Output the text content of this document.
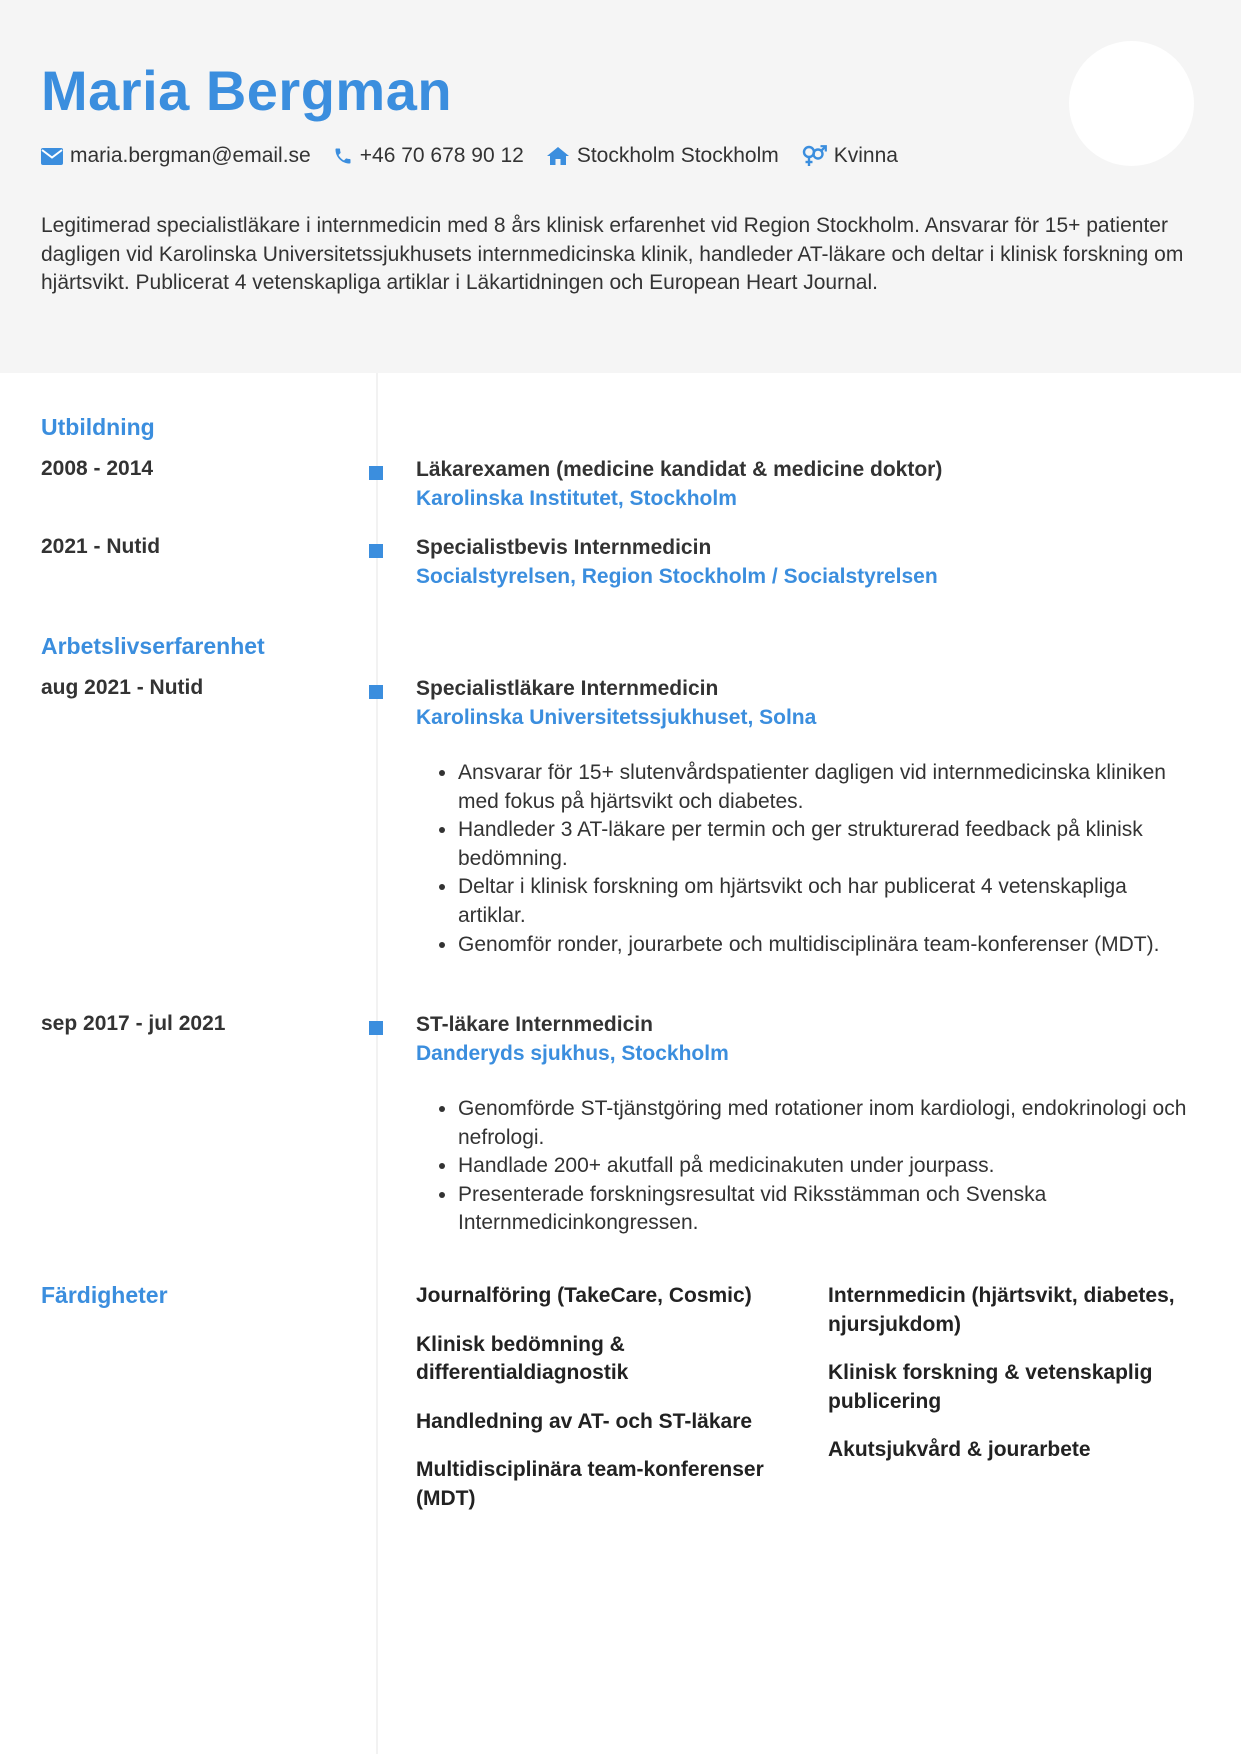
Maria Bergman
maria.bergman@email.se +46 70 678 90 12	Stockholm Stockholm	Kvinna

Legitimerad specialistläkare i internmedicin med 8 års klinisk erfarenhet vid Region Stockholm. Ansvarar för 15+ patienter dagligen vid Karolinska Universitetssjukhusets internmedicinska klinik, handleder AT-läkare och deltar i klinisk forskning om hjärtsvikt. Publicerat 4 vetenskapliga artiklar i Läkartidningen och European Heart Journal.

Utbildning
2008 - 2014	Läkarexamen (medicine kandidat & medicine doktor)
Karolinska Institutet, Stockholm
2021 - Nutid	Specialistbevis Internmedicin
Socialstyrelsen, Region Stockholm / Socialstyrelsen
Arbetslivserfarenhet
aug 2021 - Nutid	Specialistläkare Internmedicin
Karolinska Universitetssjukhuset, Solna
• Ansvarar för 15+ slutenvårdspatienter dagligen vid internmedicinska kliniken med fokus på hjärtsvikt och diabetes.
• Handleder 3 AT-läkare per termin och ger strukturerad feedback på klinisk bedömning.
• Deltar i klinisk forskning om hjärtsvikt och har publicerat 4 vetenskapliga artiklar.
• Genomför ronder, jourarbete och multidisciplinära team-konferenser (MDT).
sep 2017 - jul 2021	ST-läkare Internmedicin
Danderyds sjukhus, Stockholm
• Genomförde ST-tjänstgöring med rotationer inom kardiologi, endokrinologi och nefrologi.
• Handlade 200+ akutfall på medicinakuten under jourpass.
• Presenterade forskningsresultat vid Riksstämman och Svenska Internmedicinkongressen.
Färdigheter	Journalföring (TakeCare, Cosmic)
Klinisk bedömning & differentialdiagnostik
Handledning av AT- och ST-läkare
Multidisciplinära team-konferenser (MDT)
Internmedicin (hjärtsvikt, diabetes, njursjukdom)
Klinisk forskning & vetenskaplig publicering
Akutsjukvård & jourarbete
